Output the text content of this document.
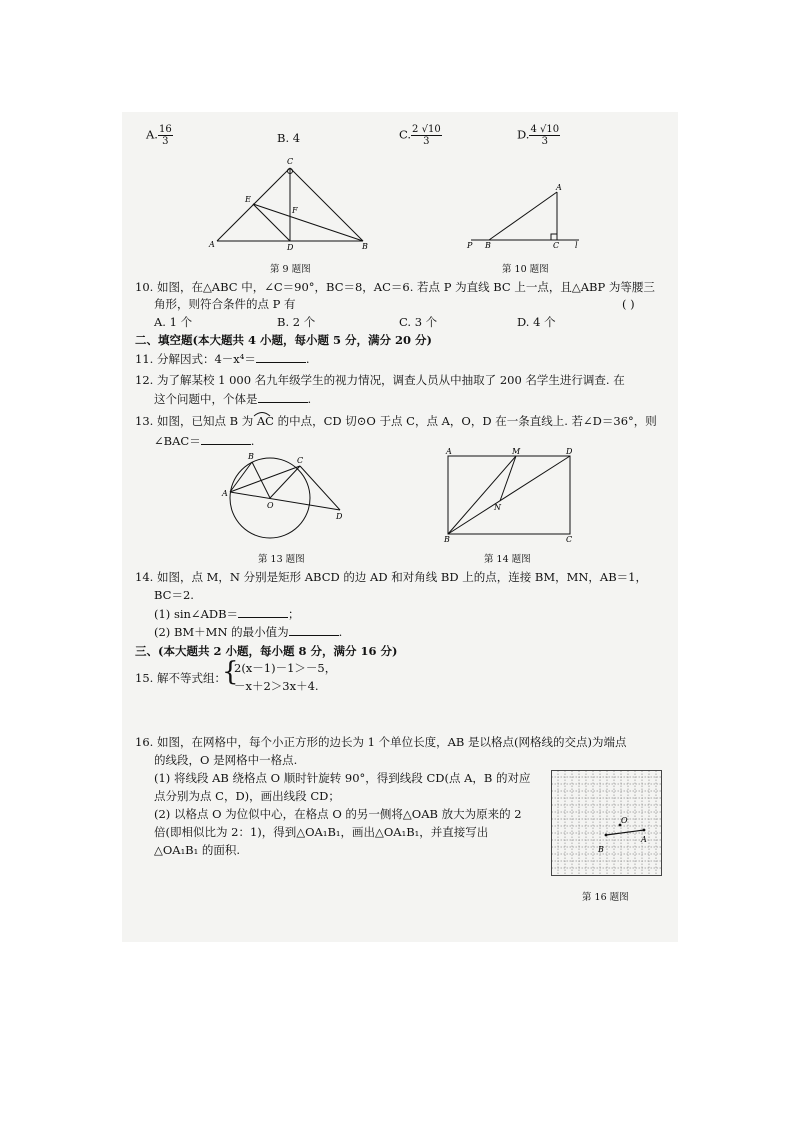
A. $\frac{16}{3}$	B. 4	C. $\frac{2 √10}{3}$	D. $\frac{4 √10}{3}$
C
E
F
A	D	B
第 9 题图
A
P B	C l
第 10 题图
10. 如图，在△ABC 中，∠C＝90°，BC＝8，AC＝6. 若点 P 为直线 BC 上一点，且△ABP 为等腰三
角形，则符合条件的点 P 有	( )
A. 1 个	B. 2 个	C. 3 个	D. 4 个
二、填空题(本大题共 4 小题，每小题 5 分，满分 20 分)
11. 分解因式：4－x⁴＝	.
12. 为了解某校 1 000 名九年级学生的视力情况，调查人员从中抽取了 200 名学生进行调查. 在
这个问题中，个体是	.
13. 如图，已知点 B 为 AC 的中点，CD 切⊙O 于点 C，点 A，O，D 在一条直线上. 若∠D＝36°，则
∠BAC＝	.
B	C
A
O
D
第 13 题图
A	M	D
N
B	C
第 14 题图
14. 如图，点 M，N 分别是矩形 ABCD 的边 AD 和对角线 BD 上的点，连接 BM，MN，AB＝1，
BC＝2.
(1) sin∠ADB＝	；
(2) BM＋MN 的最小值为	.
三、(本大题共 2 小题，每小题 8 分，满分 16 分)
15. 解不等式组：
{
2(x－1)－1＞－5，
－x＋2＞3x＋4.
16. 如图，在网格中，每个小正方形的边长为 1 个单位长度，AB 是以格点(网格线的交点)为端点
的线段，O 是网格中一格点.
(1) 将线段 AB 绕格点 O 顺时针旋转 90°，得到线段 CD(点 A，B 的对应
点分别为点 C，D)，画出线段 CD；
(2) 以格点 O 为位似中心，在格点 O 的另一侧将△OAB 放大为原来的 2
倍(即相似比为 2：1)，得到△OA₁B₁，画出△OA₁B₁，并直接写出
△OA₁B₁ 的面积.
O
A
B
第 16 题图
